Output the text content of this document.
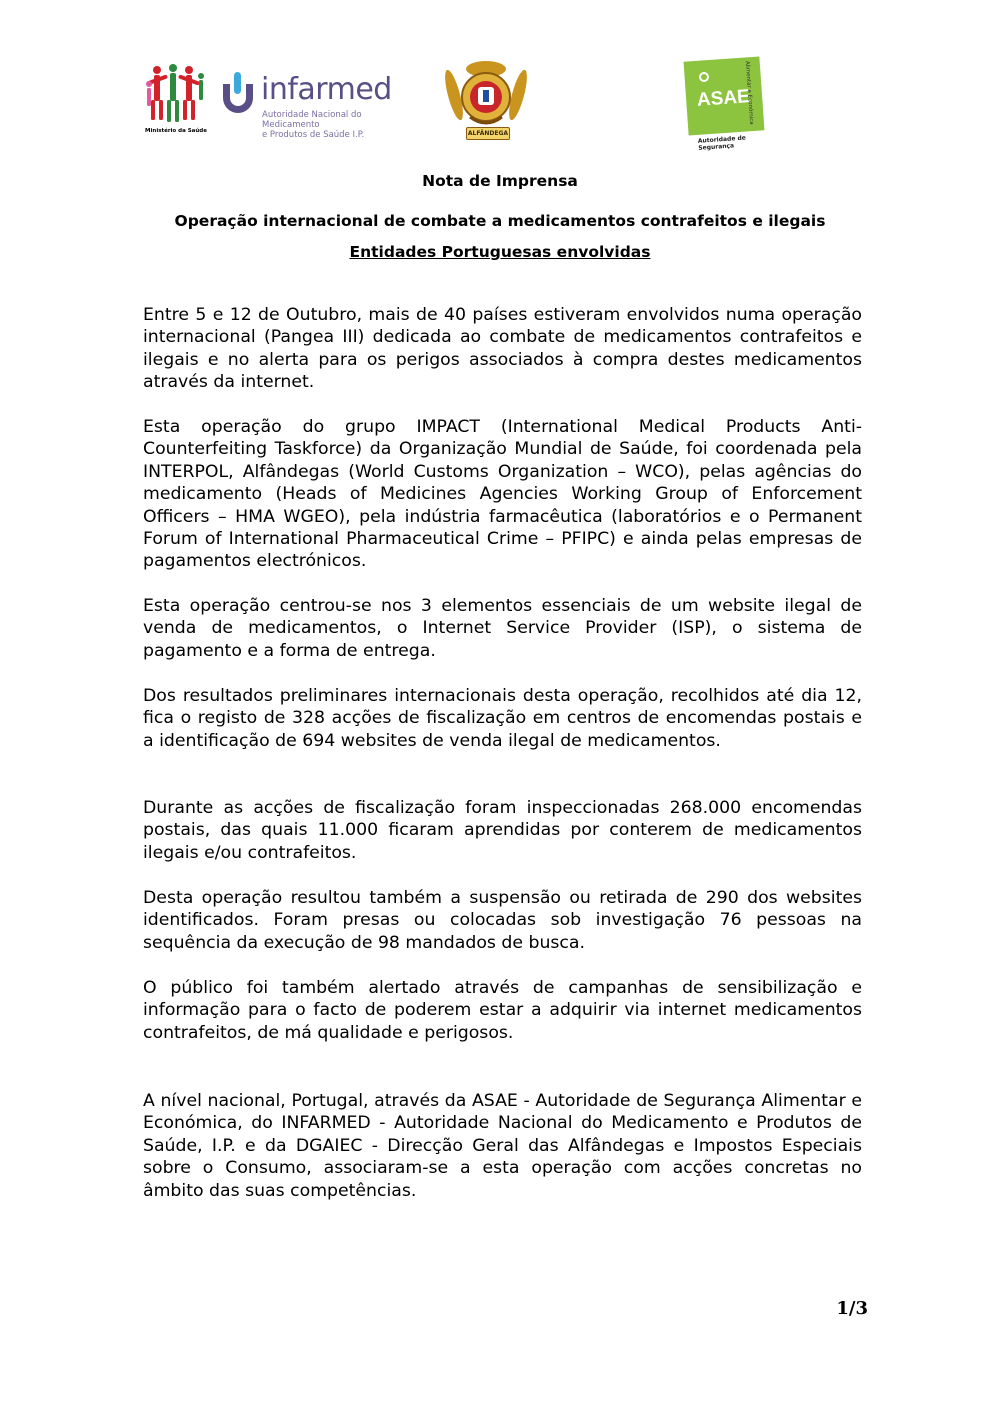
Ministério da Saúde
infarmed
Autoridade Nacional do Medicamento
e Produtos de Saúde I.P.	ALFÂNDEGA
ASAE
Alimentar e Económica
Autoridade de Segurança
Nota de Imprensa
Operação internacional de combate a medicamentos contrafeitos e ilegais
Entidades Portuguesas envolvidas

Entre 5 e 12 de Outubro, mais de 40 países estiveram envolvidos numa operação internacional (Pangea III) dedicada ao combate de medicamentos contrafeitos e ilegais e no alerta para os perigos associados à compra destes medicamentos através da internet.

Esta operação do grupo IMPACT (International Medical Products Anti-Counterfeiting Taskforce) da Organização Mundial de Saúde, foi coordenada pela INTERPOL, Alfândegas (World Customs Organization – WCO), pelas agências do medicamento (Heads of Medicines Agencies Working Group of Enforcement Officers – HMA WGEO), pela indústria farmacêutica (laboratórios e o Permanent Forum of International Pharmaceutical Crime – PFIPC) e ainda pelas empresas de pagamentos electrónicos.

Esta operação centrou-se nos 3 elementos essenciais de um website ilegal de venda de medicamentos, o Internet Service Provider (ISP), o sistema de pagamento e a forma de entrega.

Dos resultados preliminares internacionais desta operação, recolhidos até dia 12, fica o registo de 328 acções de fiscalização em centros de encomendas postais e a identificação de 694 websites de venda ilegal de medicamentos.

Durante as acções de fiscalização foram inspeccionadas 268.000 encomendas postais, das quais 11.000 ficaram aprendidas por conterem de medicamentos ilegais e/ou contrafeitos.

Desta operação resultou também a suspensão ou retirada de 290 dos websites identificados. Foram presas ou colocadas sob investigação 76 pessoas na sequência da execução de 98 mandados de busca.

O público foi também alertado através de campanhas de sensibilização e informação para o facto de poderem estar a adquirir via internet medicamentos contrafeitos, de má qualidade e perigosos.

A nível nacional, Portugal, através da ASAE - Autoridade de Segurança Alimentar e Económica, do INFARMED - Autoridade Nacional do Medicamento e Produtos de Saúde, I.P. e da DGAIEC - Direcção Geral das Alfândegas e Impostos Especiais sobre o Consumo, associaram-se a esta operação com acções concretas no âmbito das suas competências.

1/3
